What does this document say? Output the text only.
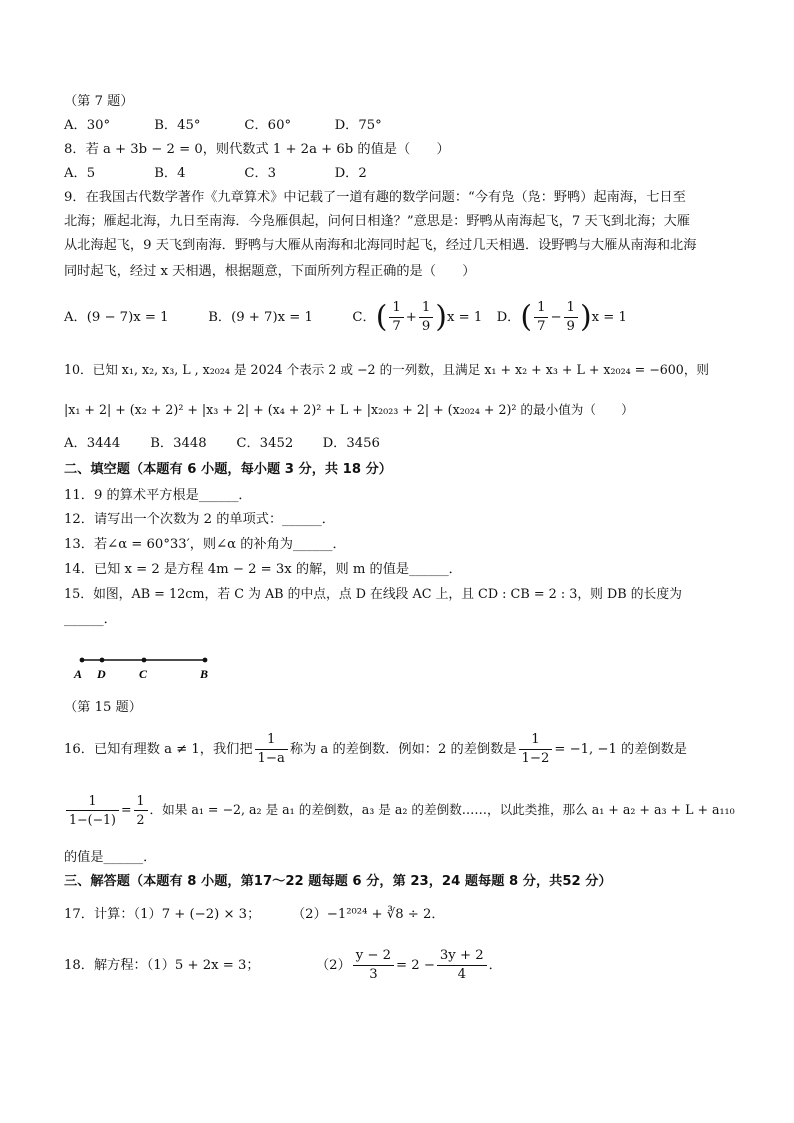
（第 7 题）
A．30°	B．45°	C．60°	D．75°
8．若 a + 3b − 2 = 0，则代数式 1 + 2a + 6b 的值是（　　）
A．5	B．4	C．3	D．2
9．在我国古代数学著作《九章算术》中记载了一道有趣的数学问题：“今有凫（凫：野鸭）起南海，七日至
北海；雁起北海，九日至南海．今凫雁俱起，问何日相逢？”意思是：野鸭从南海起飞，7 天飞到北海；大雁
从北海起飞，9 天飞到南海．野鸭与大雁从南海和北海同时起飞，经过几天相遇．设野鸭与大雁从南海和北海
同时起飞，经过 x 天相遇，根据题意，下面所列方程正确的是（　　）
A．(9 − 7)x = 1	B．(9 + 7)x = 1	C．( $\frac{1}{7} + \frac{1}{9} )x = 1$ D．( $\frac{1}{7} - \frac{1}{9} )x = 1$
10．已知 x₁, x₂, x₃, L , x₂₀₂₄ 是 2024 个表示 2 或 −2 的一列数，且满足 x₁ + x₂ + x₃ + L + x₂₀₂₄ = −600，则
|x₁ + 2| + (x₂ + 2)² + |x₃ + 2| + (x₄ + 2)² + L + |x₂₀₂₃ + 2| + (x₂₀₂₄ + 2)² 的最小值为（　　）
A．3444 B．3448 C．3452 D．3456
二、填空题（本题有 6 小题，每小题 3 分，共 18 分）
11．9 的算术平方根是______．
12．请写出一个次数为 2 的单项式：______．
13．若∠α = 60°33′，则∠α 的补角为______．
14．已知 x = 2 是方程 4m − 2 = 3x 的解，则 m 的值是______．
15．如图，AB = 12cm，若 C 为 AB 的中点，点 D 在线段 AC 上，且 CD : CB = 2 : 3，则 DB 的长度为
______．
A D	C	B
（第 15 题）
16．已知有理数 a ≠ 1，我们把 $\frac{1}{1-a}$ 称为 a 的差倒数．例如：2 的差倒数是 $\frac{1}{1-2} = -1$, −1 的差倒数是
$\frac{1}{1-(-1)} = \frac{1}{2}$ ．如果 a₁ = −2, a₂ 是 a₁ 的差倒数，a₃ 是 a₂ 的差倒数……，以此类推，那么 a₁ + a₂ + a₃ + L + a₁₁₀
的值是______．
三、解答题（本题有 8 小题，第17～22 题每题 6 分，第 23，24 题每题 8 分，共52 分）
17．计算：（1）7 + (−2) × 3； （2）−1²⁰²⁴ + ∛8 ÷ 2．
18．解方程：（1）5 + 2x = 3；	$(2) \frac{y - 2}{3} = 2 - \frac{3y + 2}{4}$ ．
